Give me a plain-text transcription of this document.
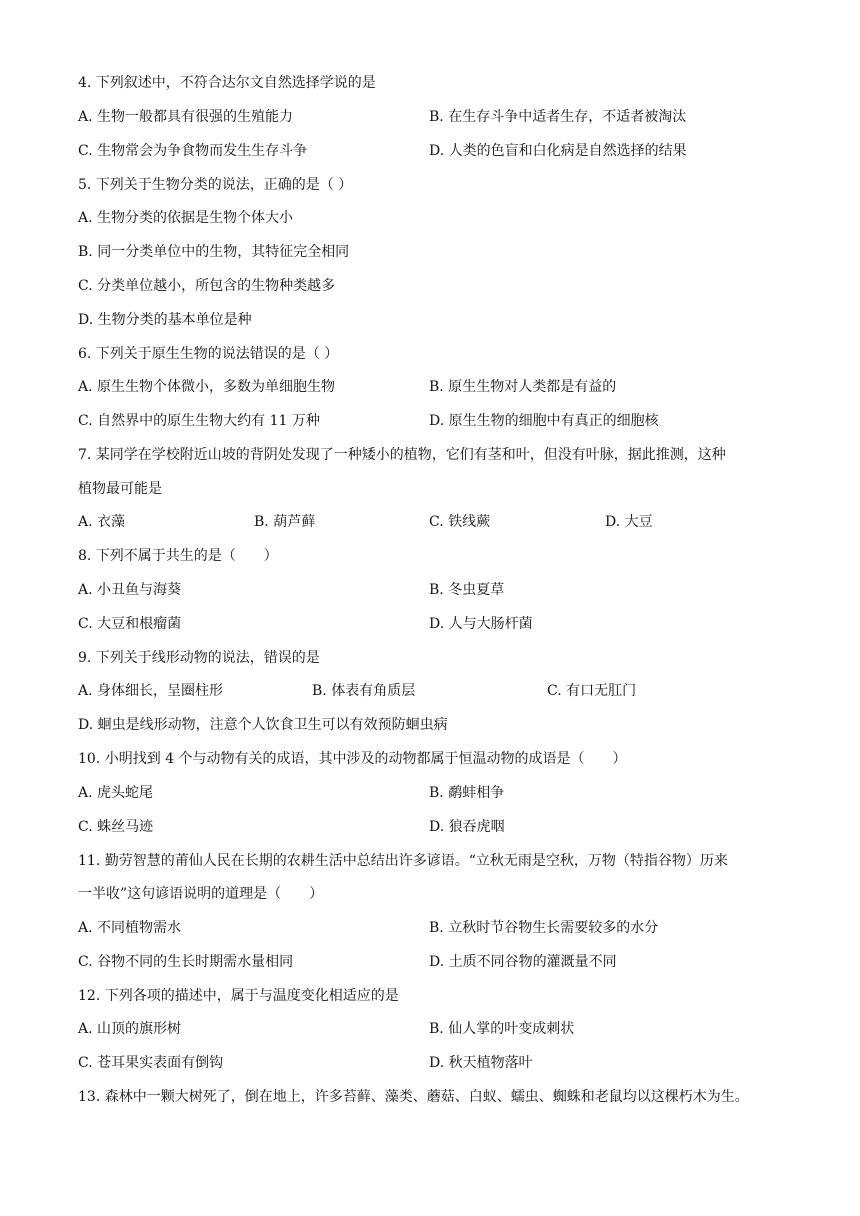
4. 下列叙述中，不符合达尔文自然选择学说的是
A. 生物一般都具有很强的生殖能力	B. 在生存斗争中适者生存，不适者被淘汰
C. 生物常会为争食物而发生生存斗争	D. 人类的色盲和白化病是自然选择的结果
5. 下列关于生物分类的说法，正确的是（ ）
A. 生物分类的依据是生物个体大小
B. 同一分类单位中的生物，其特征完全相同
C. 分类单位越小，所包含的生物种类越多
D. 生物分类的基本单位是种
6. 下列关于原生生物的说法错误的是（ ）
A. 原生生物个体微小，多数为单细胞生物	B. 原生生物对人类都是有益的
C. 自然界中的原生生物大约有 11 万种	D. 原生生物的细胞中有真正的细胞核
7. 某同学在学校附近山坡的背阴处发现了一种矮小的植物，它们有茎和叶，但没有叶脉，据此推测，这种
植物最可能是
A. 衣藻	B. 葫芦藓	C. 铁线蕨	D. 大豆
8. 下列不属于共生的是（　　）
A. 小丑鱼与海葵	B. 冬虫夏草
C. 大豆和根瘤菌	D. 人与大肠杆菌
9. 下列关于线形动物的说法，错误的是
A. 身体细长，呈圈柱形	B. 体表有角质层	C. 有口无肛门
D. 蛔虫是线形动物，注意个人饮食卫生可以有效预防蛔虫病
10. 小明找到 4 个与动物有关的成语，其中涉及的动物都属于恒温动物的成语是（　　）
A. 虎头蛇尾	B. 鹬蚌相争
C. 蛛丝马迹	D. 狼吞虎咽
11. 勤劳智慧的莆仙人民在长期的农耕生活中总结出许多谚语。“立秋无雨是空秋，万物（特指谷物）历来
一半收”这句谚语说明的道理是（　　）
A. 不同植物需水	B. 立秋时节谷物生长需要较多的水分
C. 谷物不同的生长时期需水量相同	D. 土质不同谷物的灌溉量不同
12. 下列各项的描述中，属于与温度变化相适应的是
A. 山顶的旗形树	B. 仙人掌的叶变成刺状
C. 苍耳果实表面有倒钩	D. 秋天植物落叶
13. 森林中一颗大树死了，倒在地上，许多苔藓、藻类、蘑菇、白蚁、蠕虫、蜘蛛和老鼠均以这棵朽木为生。
